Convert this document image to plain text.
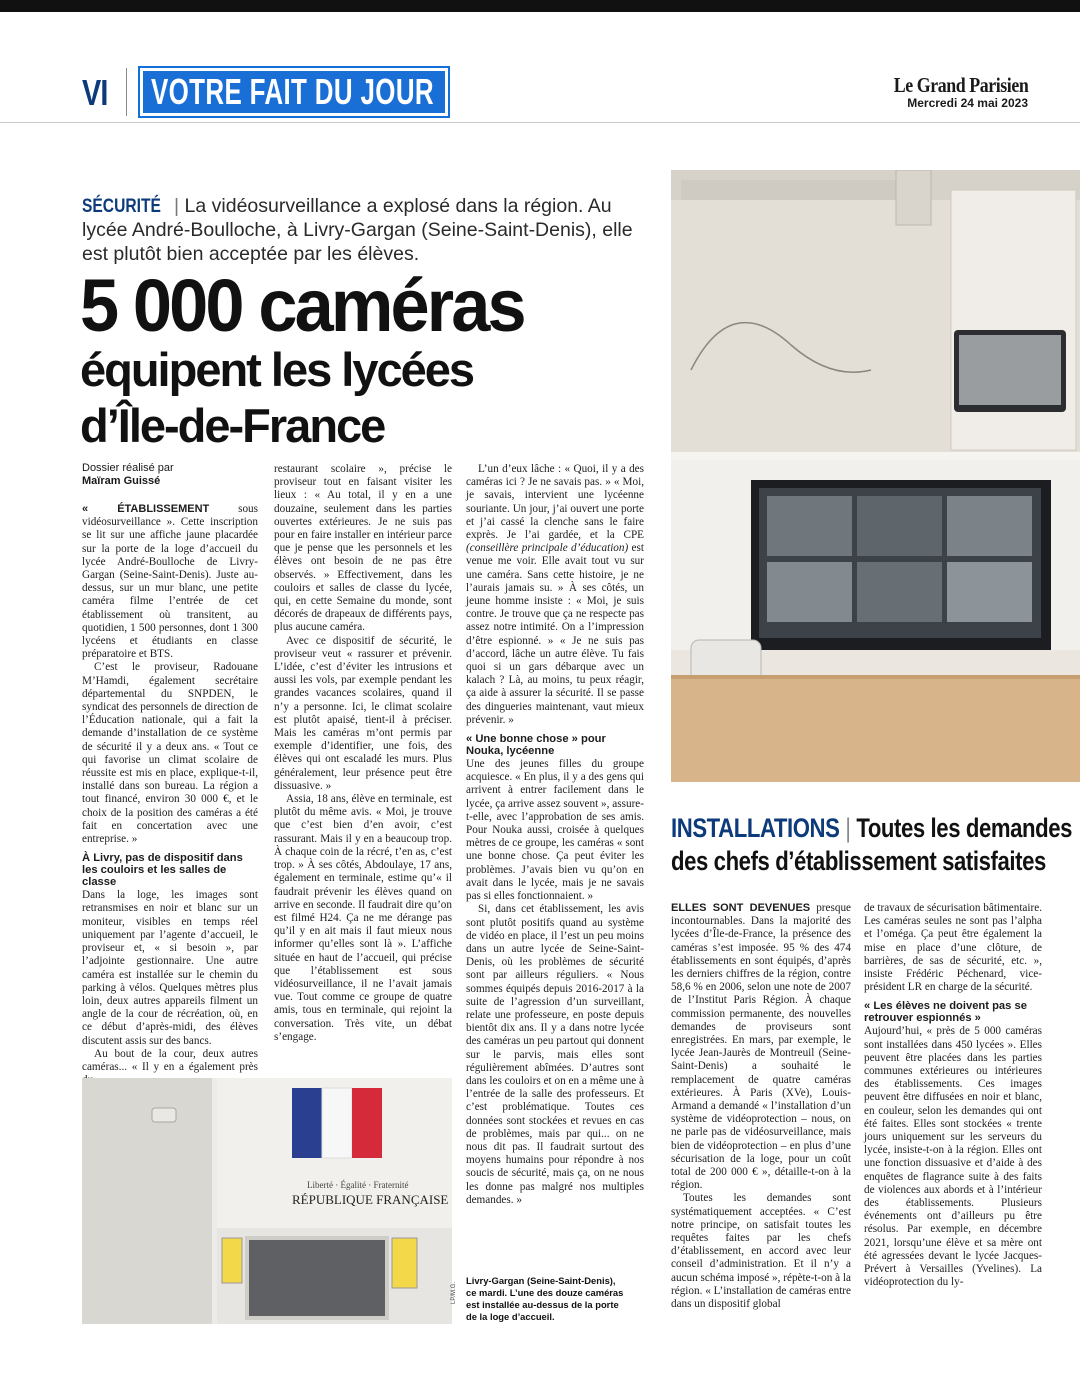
VI VOTRE FAIT DU JOUR	Le Grand Parisien
Mercredi 24 mai 2023
SÉCURITÉ | La vidéosurveillance a explosé dans la région. Au lycée André-Boulloche, à Livry-Gargan (Seine-Saint-Denis), elle est plutôt bien acceptée par les élèves.
5 000 caméras
équipent les lycées
d’Île-de-France
Dossier réalisé par
Maïram Guissé

« ÉTABLISSEMENT sous vidéosurveillance ». Cette inscription se lit sur une affiche jaune placardée sur la porte de la loge d’accueil du lycée André-Boulloche de Livry-Gargan (Seine-Saint-Denis). Juste au-dessus, sur un mur blanc, une petite caméra filme l’entrée de cet établissement où transitent, au quotidien, 1 500 personnes, dont 1 300 lycéens et étudiants en classe préparatoire et BTS.

C’est le proviseur, Radouane M’Hamdi, également secrétaire départemental du SNPDEN, le syndicat des personnels de direction de l’Éducation nationale, qui a fait la demande d’installation de ce système de sécurité il y a deux ans. « Tout ce qui favorise un climat scolaire de réussite est mis en place, explique-t-il, installé dans son bureau. La région a tout financé, environ 30 000 €, et le choix de la position des caméras a été fait en concertation avec une entreprise. »

À Livry, pas de dispositif dans les couloirs et les salles de classe

Dans la loge, les images sont retransmises en noir et blanc sur un moniteur, visibles en temps réel uniquement par l’agente d’accueil, le proviseur et, « si besoin », par l’adjointe gestionnaire. Une autre caméra est installée sur le chemin du parking à vélos. Quelques mètres plus loin, deux autres appareils filment un angle de la cour de récréation, où, en ce début d’après-midi, des élèves discutent assis sur des bancs.

Au bout de la cour, deux autres caméras... « Il y en a également près

restaurant scolaire », précise le proviseur tout en faisant visiter les lieux : « Au total, il y en a une douzaine, seulement dans les parties ouvertes extérieures. Je ne suis pas pour en faire installer en intérieur parce que je pense que les personnels et les élèves ont besoin de ne pas être observés. » Effectivement, dans les couloirs et salles de classe du lycée, qui, en cette Semaine du monde, sont décorés de drapeaux de différents pays, plus aucune caméra.

Avec ce dispositif de sécurité, le proviseur veut « rassurer et prévenir. L’idée, c’est d’éviter les intrusions et aussi les vols, par exemple pendant les grandes vacances scolaires, quand il n’y a personne. Ici, le climat scolaire est plutôt apaisé, tient-il à préciser. Mais les caméras m’ont permis par exemple d’identifier, une fois, des élèves qui ont escaladé les murs. Plus généralement, leur présence peut être dissuasive. »

Assia, 18 ans, élève en terminale, est plutôt du même avis. « Moi, je trouve que c’est bien d’en avoir, c’est rassurant. Mais il y en a beaucoup trop. À chaque coin de la récré, t’en as, c’est trop. » À ses côtés, Abdoulaye, 17 ans, également en terminale, estime qu’« il faudrait prévenir les élèves quand on arrive en seconde. Il faudrait dire qu’on est filmé H24. Ça ne me dérange pas qu’il y en ait mais il faut mieux nous informer qu’elles sont là ». L’affiche située en haut de l’accueil, qui précise que l’établissement est sous vidéosurveillance, il ne l’avait jamais vue. Tout comme ce groupe de quatre amis, tous en terminale, qui rejoint la conversation. Très vite, un débat s’engage.

L’un d’eux lâche : « Quoi, il y a des caméras ici ? Je ne savais pas. » « Moi, je savais, intervient une lycéenne souriante. Un jour, j’ai ouvert une porte et j’ai cassé la clenche sans le faire exprès. Je l’ai gardée, et la CPE (conseillère principale d’éducation) est venue me voir. Elle avait tout vu sur une caméra. Sans cette histoire, je ne l’aurais jamais su. » À ses côtés, un jeune homme insiste : « Moi, je suis contre. Je trouve que ça ne respecte pas assez notre intimité. On a l’impression d’être espionné. » « Je ne suis pas d’accord, lâche un autre élève. Tu fais quoi si un gars débarque avec un kalach ? Là, au moins, tu peux réagir, ça aide à assurer la sécurité. Il se passe des dingueries maintenant, vaut mieux prévenir. »

« Une bonne chose » pour Nouka, lycéenne

Une des jeunes filles du groupe acquiesce. « En plus, il y a des gens qui arrivent à entrer facilement dans le lycée, ça arrive assez souvent », assure-t-elle, avec l’approbation de ses amis. Pour Nouka aussi, croisée à quelques mètres de ce groupe, les caméras « sont une bonne chose. Ça peut éviter les problèmes. J’avais bien vu qu’on en avait dans le lycée, mais je ne savais pas si elles fonctionnaient. »

Si, dans cet établissement, les avis sont plutôt positifs quand au système de vidéo en place, il l’est un peu moins dans un autre lycée de Seine-Saint-Denis, où les problèmes de sécurité sont par ailleurs réguliers. « Nous sommes équipés depuis 2016-2017 à la suite de l’agression d’un surveillant, relate une professeure, en poste depuis bientôt dix ans. Il y a dans notre lycée des caméras un peu partout qui donnent sur le parvis, mais elles sont régulièrement abîmées. D’autres sont dans les couloirs et on en a même une à l’entrée de la salle des professeurs. Et c’est problématique. Toutes ces données sont stockées et revues en cas de problèmes, mais par qui... on ne nous dit pas. Il faudrait surtout des moyens humains pour répondre à nos soucis de sécurité, mais ça, on ne nous les donne pas malgré nos multiples demandes. »

INSTALLATIONS | Toutes les demandes
des chefs d’établissement satisfaites

ELLES SONT DEVENUES presque incontournables. Dans la majorité des lycées d’Île-de-France, la présence des caméras s’est imposée. 95 % des 474 établissements en sont équipés, d’après les derniers chiffres de la région, contre 58,6 % en 2006, selon une note de 2007 de l’Institut Paris Région. À chaque commission permanente, des nouvelles demandes de proviseurs sont enregistrées. En mars, par exemple, le lycée Jean-Jaurès de Montreuil (Seine-Saint-Denis) a souhaité le remplacement de quatre caméras extérieures. À Paris (XVe), Louis-Armand a demandé « l’installation d’un système de vidéoprotection – nous, on ne parle pas de vidéosurveillance, mais bien de vidéoprotection – en plus d’une sécurisation de la loge, pour un coût total de 200 000 € », détaille-t-on à la région.

Toutes les demandes sont systématiquement acceptées. « C’est notre principe, on satisfait toutes les requêtes faites par les chefs d’établissement, en accord avec leur conseil d’administration. Et il n’y a aucun schéma imposé », répète-t-on à la région. « L’installation de caméras entre dans un dispositif global

de travaux de sécurisation bâtimentaire. Les caméras seules ne sont pas l’alpha et l’oméga. Ça peut être également la mise en place d’une clôture, de barrières, de sas de sécurité, etc. », insiste Frédéric Péchenard, vice-président LR en charge de la sécurité.

« Les élèves ne doivent pas se retrouver espionnés »

Aujourd’hui, « près de 5 000 caméras sont installées dans 450 lycées ». Elles peuvent être placées dans les parties communes extérieures ou intérieures des établissements. Ces images peuvent être diffusées en noir et blanc, en couleur, selon les demandes qui ont été faites. Elles sont stockées « trente jours uniquement sur les serveurs du lycée, insiste-t-on à la région. Elles ont une fonction dissuasive et d’aide à des enquêtes de flagrance suite à des faits de violences aux abords et à l’intérieur des établissements. Plusieurs événements ont d’ailleurs pu être résolus. Par exemple, en décembre 2021, lorsqu’une élève et sa mère ont été agressées devant le lycée Jacques-Prévert à Versailles (Yvelines). La vidéoprotection du ly-

Liberté · Égalité · Fraternité
RÉPUBLIQUE FRANÇAISE
LP/M.G.
Livry-Gargan (Seine-Saint-Denis), ce mardi. L’une des douze caméras est installée au-dessus de la porte de la loge d’accueil.
